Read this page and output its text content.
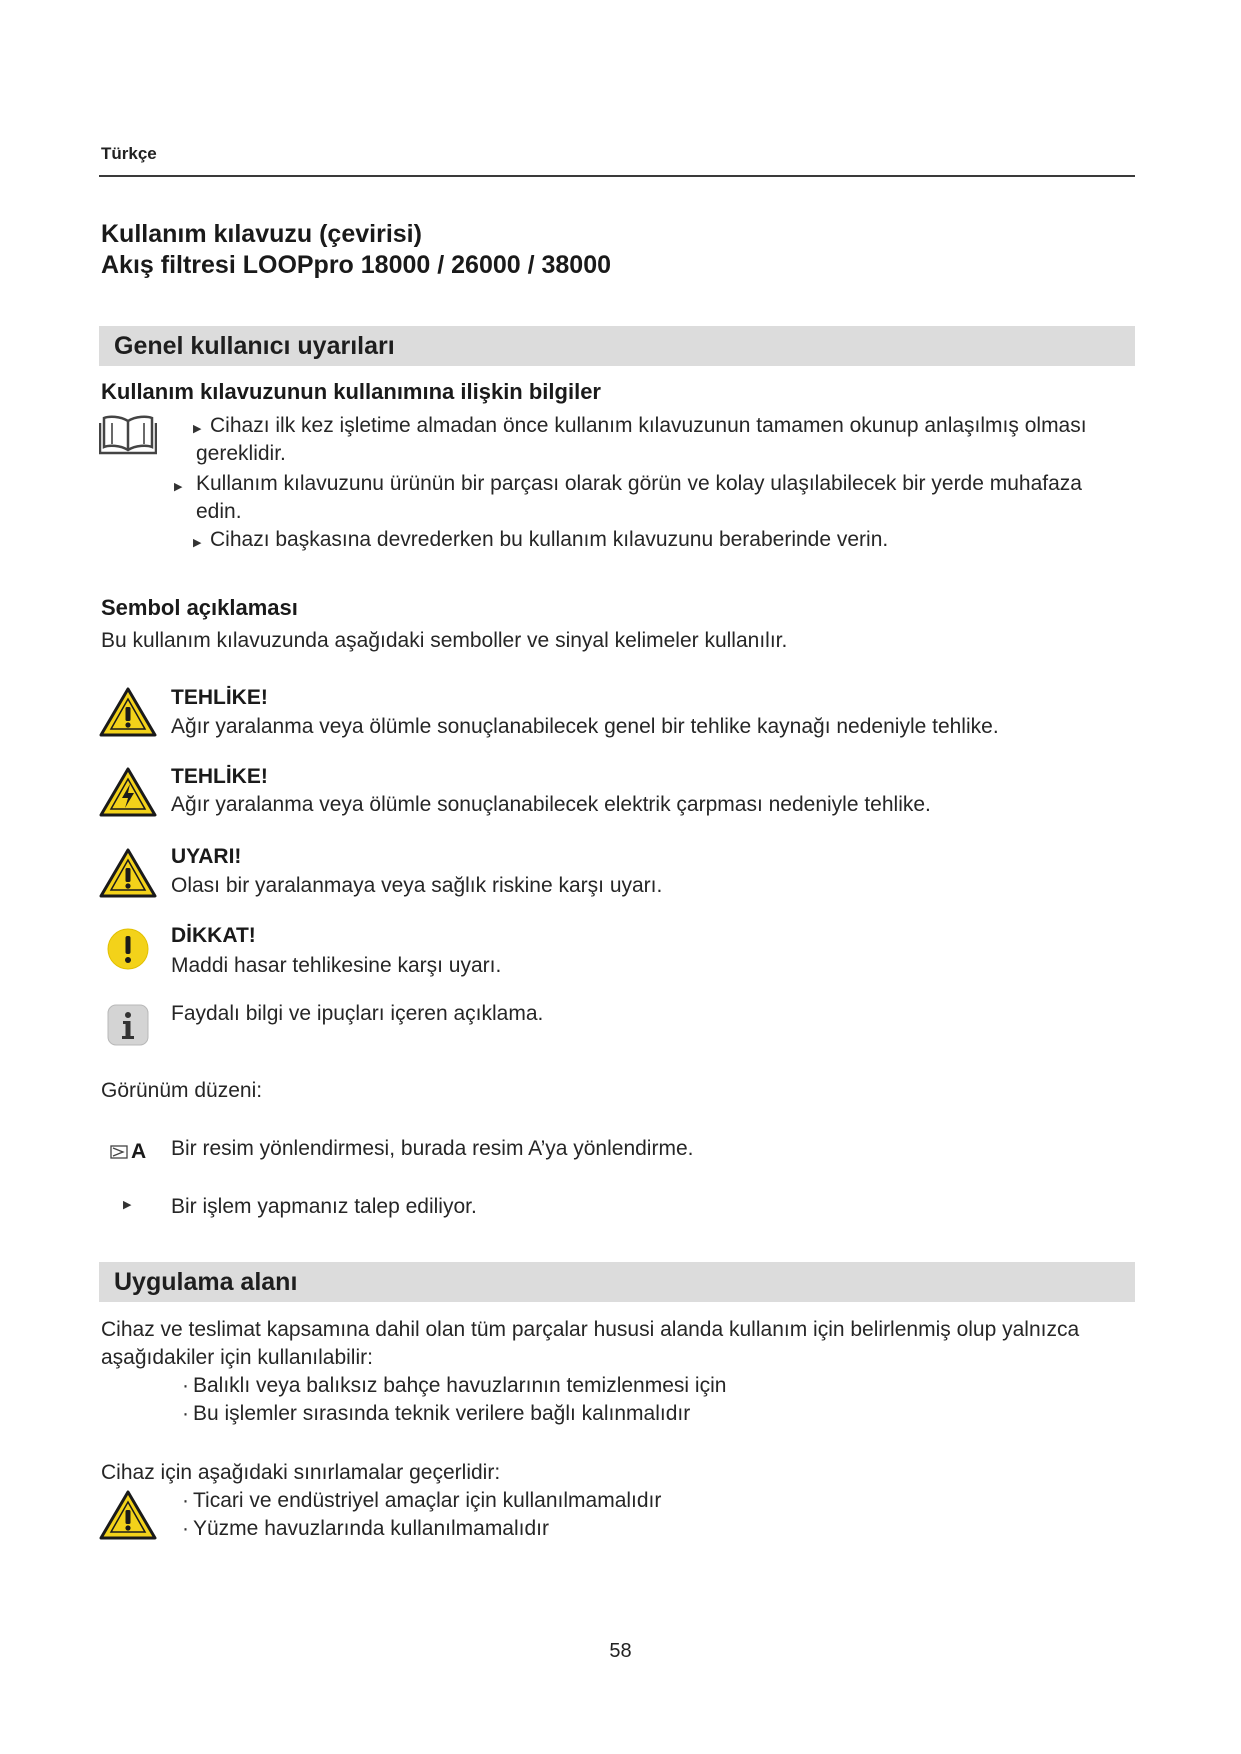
Türkçe
Kullanım kılavuzu (çevirisi)
Akış filtresi LOOPpro 18000 / 26000 / 38000
Genel kullanıcı uyarıları
Kullanım kılavuzunun kullanımına ilişkin bilgiler
▶ Cihazı ilk kez işletime almadan önce kullanım kılavuzunun tamamen okunup anlaşılmış olması
gereklidir.
▶ Kullanım kılavuzunu ürünün bir parçası olarak görün ve kolay ulaşılabilecek bir yerde muhafaza
edin.
▶ Cihazı başkasına devrederken bu kullanım kılavuzunu beraberinde verin.
Sembol açıklaması
Bu kullanım kılavuzunda aşağıdaki semboller ve sinyal kelimeler kullanılır.
TEHLİKE!
Ağır yaralanma veya ölümle sonuçlanabilecek genel bir tehlike kaynağı nedeniyle tehlike.
TEHLİKE!
Ağır yaralanma veya ölümle sonuçlanabilecek elektrik çarpması nedeniyle tehlike.
UYARI!
Olası bir yaralanmaya veya sağlık riskine karşı uyarı.
DİKKAT!
Maddi hasar tehlikesine karşı uyarı.
Faydalı bilgi ve ipuçları içeren açıklama.
Görünüm düzeni:
A Bir resim yönlendirmesi, burada resim A’ya yönlendirme.
▶ Bir işlem yapmanız talep ediliyor.
Uygulama alanı
Cihaz ve teslimat kapsamına dahil olan tüm parçalar hususi alanda kullanım için belirlenmiş olup yalnızca
aşağıdakiler için kullanılabilir:
· Balıklı veya balıksız bahçe havuzlarının temizlenmesi için
· Bu işlemler sırasında teknik verilere bağlı kalınmalıdır
Cihaz için aşağıdaki sınırlamalar geçerlidir:
· Ticari ve endüstriyel amaçlar için kullanılmamalıdır
· Yüzme havuzlarında kullanılmamalıdır
58
